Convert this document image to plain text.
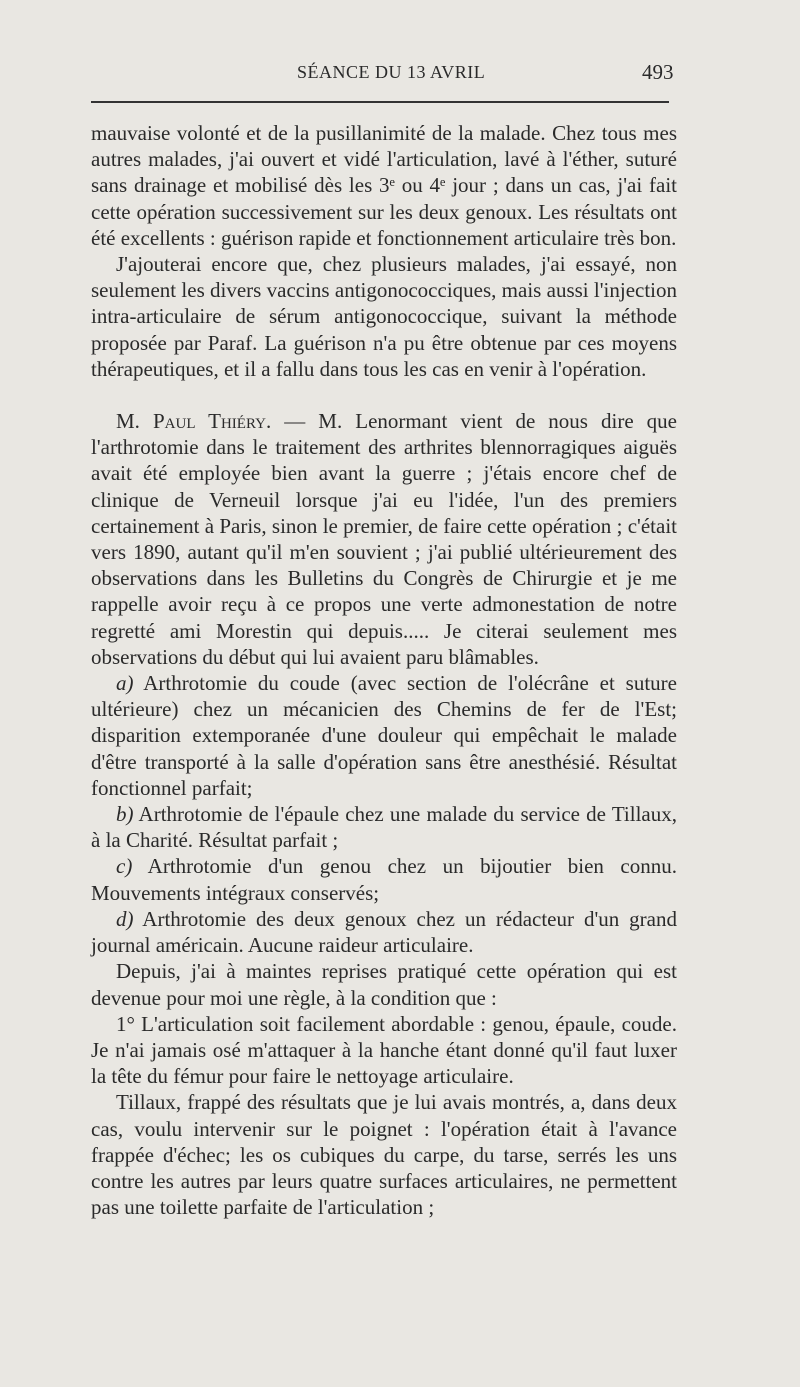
SÉANCE DU 13 AVRIL	493

mauvaise volonté et de la pusillanimité de la malade. Chez tous mes autres malades, j'ai ouvert et vidé l'articulation, lavé à l'éther, suturé sans drainage et mobilisé dès les 3ᵉ ou 4ᵉ jour ; dans un cas, j'ai fait cette opération successivement sur les deux genoux. Les résultats ont été excellents : guérison rapide et fonctionnement articulaire très bon.

J'ajouterai encore que, chez plusieurs malades, j'ai essayé, non seulement les divers vaccins antigonococciques, mais aussi l'injection intra-articulaire de sérum antigonococcique, suivant la méthode proposée par Paraf. La guérison n'a pu être obtenue par ces moyens thérapeutiques, et il a fallu dans tous les cas en venir à l'opération.

M. Paul Thiéry. — M. Lenormant vient de nous dire que l'arthrotomie dans le traitement des arthrites blennorragiques aiguës avait été employée bien avant la guerre ; j'étais encore chef de clinique de Verneuil lorsque j'ai eu l'idée, l'un des premiers certainement à Paris, sinon le premier, de faire cette opération ; c'était vers 1890, autant qu'il m'en souvient ; j'ai publié ultérieurement des observations dans les Bulletins du Congrès de Chirurgie et je me rappelle avoir reçu à ce propos une verte admonestation de notre regretté ami Morestin qui depuis..... Je citerai seulement mes observations du début qui lui avaient paru blâmables.

a) Arthrotomie du coude (avec section de l'olécrâne et suture ultérieure) chez un mécanicien des Chemins de fer de l'Est; disparition extemporanée d'une douleur qui empêchait le malade d'être transporté à la salle d'opération sans être anesthésié. Résultat fonctionnel parfait;

b) Arthrotomie de l'épaule chez une malade du service de Tillaux, à la Charité. Résultat parfait ;

c) Arthrotomie d'un genou chez un bijoutier bien connu. Mouvements intégraux conservés;

d) Arthrotomie des deux genoux chez un rédacteur d'un grand journal américain. Aucune raideur articulaire.

Depuis, j'ai à maintes reprises pratiqué cette opération qui est devenue pour moi une règle, à la condition que :

1° L'articulation soit facilement abordable : genou, épaule, coude. Je n'ai jamais osé m'attaquer à la hanche étant donné qu'il faut luxer la tête du fémur pour faire le nettoyage articulaire.

Tillaux, frappé des résultats que je lui avais montrés, a, dans deux cas, voulu intervenir sur le poignet : l'opération était à l'avance frappée d'échec; les os cubiques du carpe, du tarse, serrés les uns contre les autres par leurs quatre surfaces articulaires, ne permettent pas une toilette parfaite de l'articulation ;
